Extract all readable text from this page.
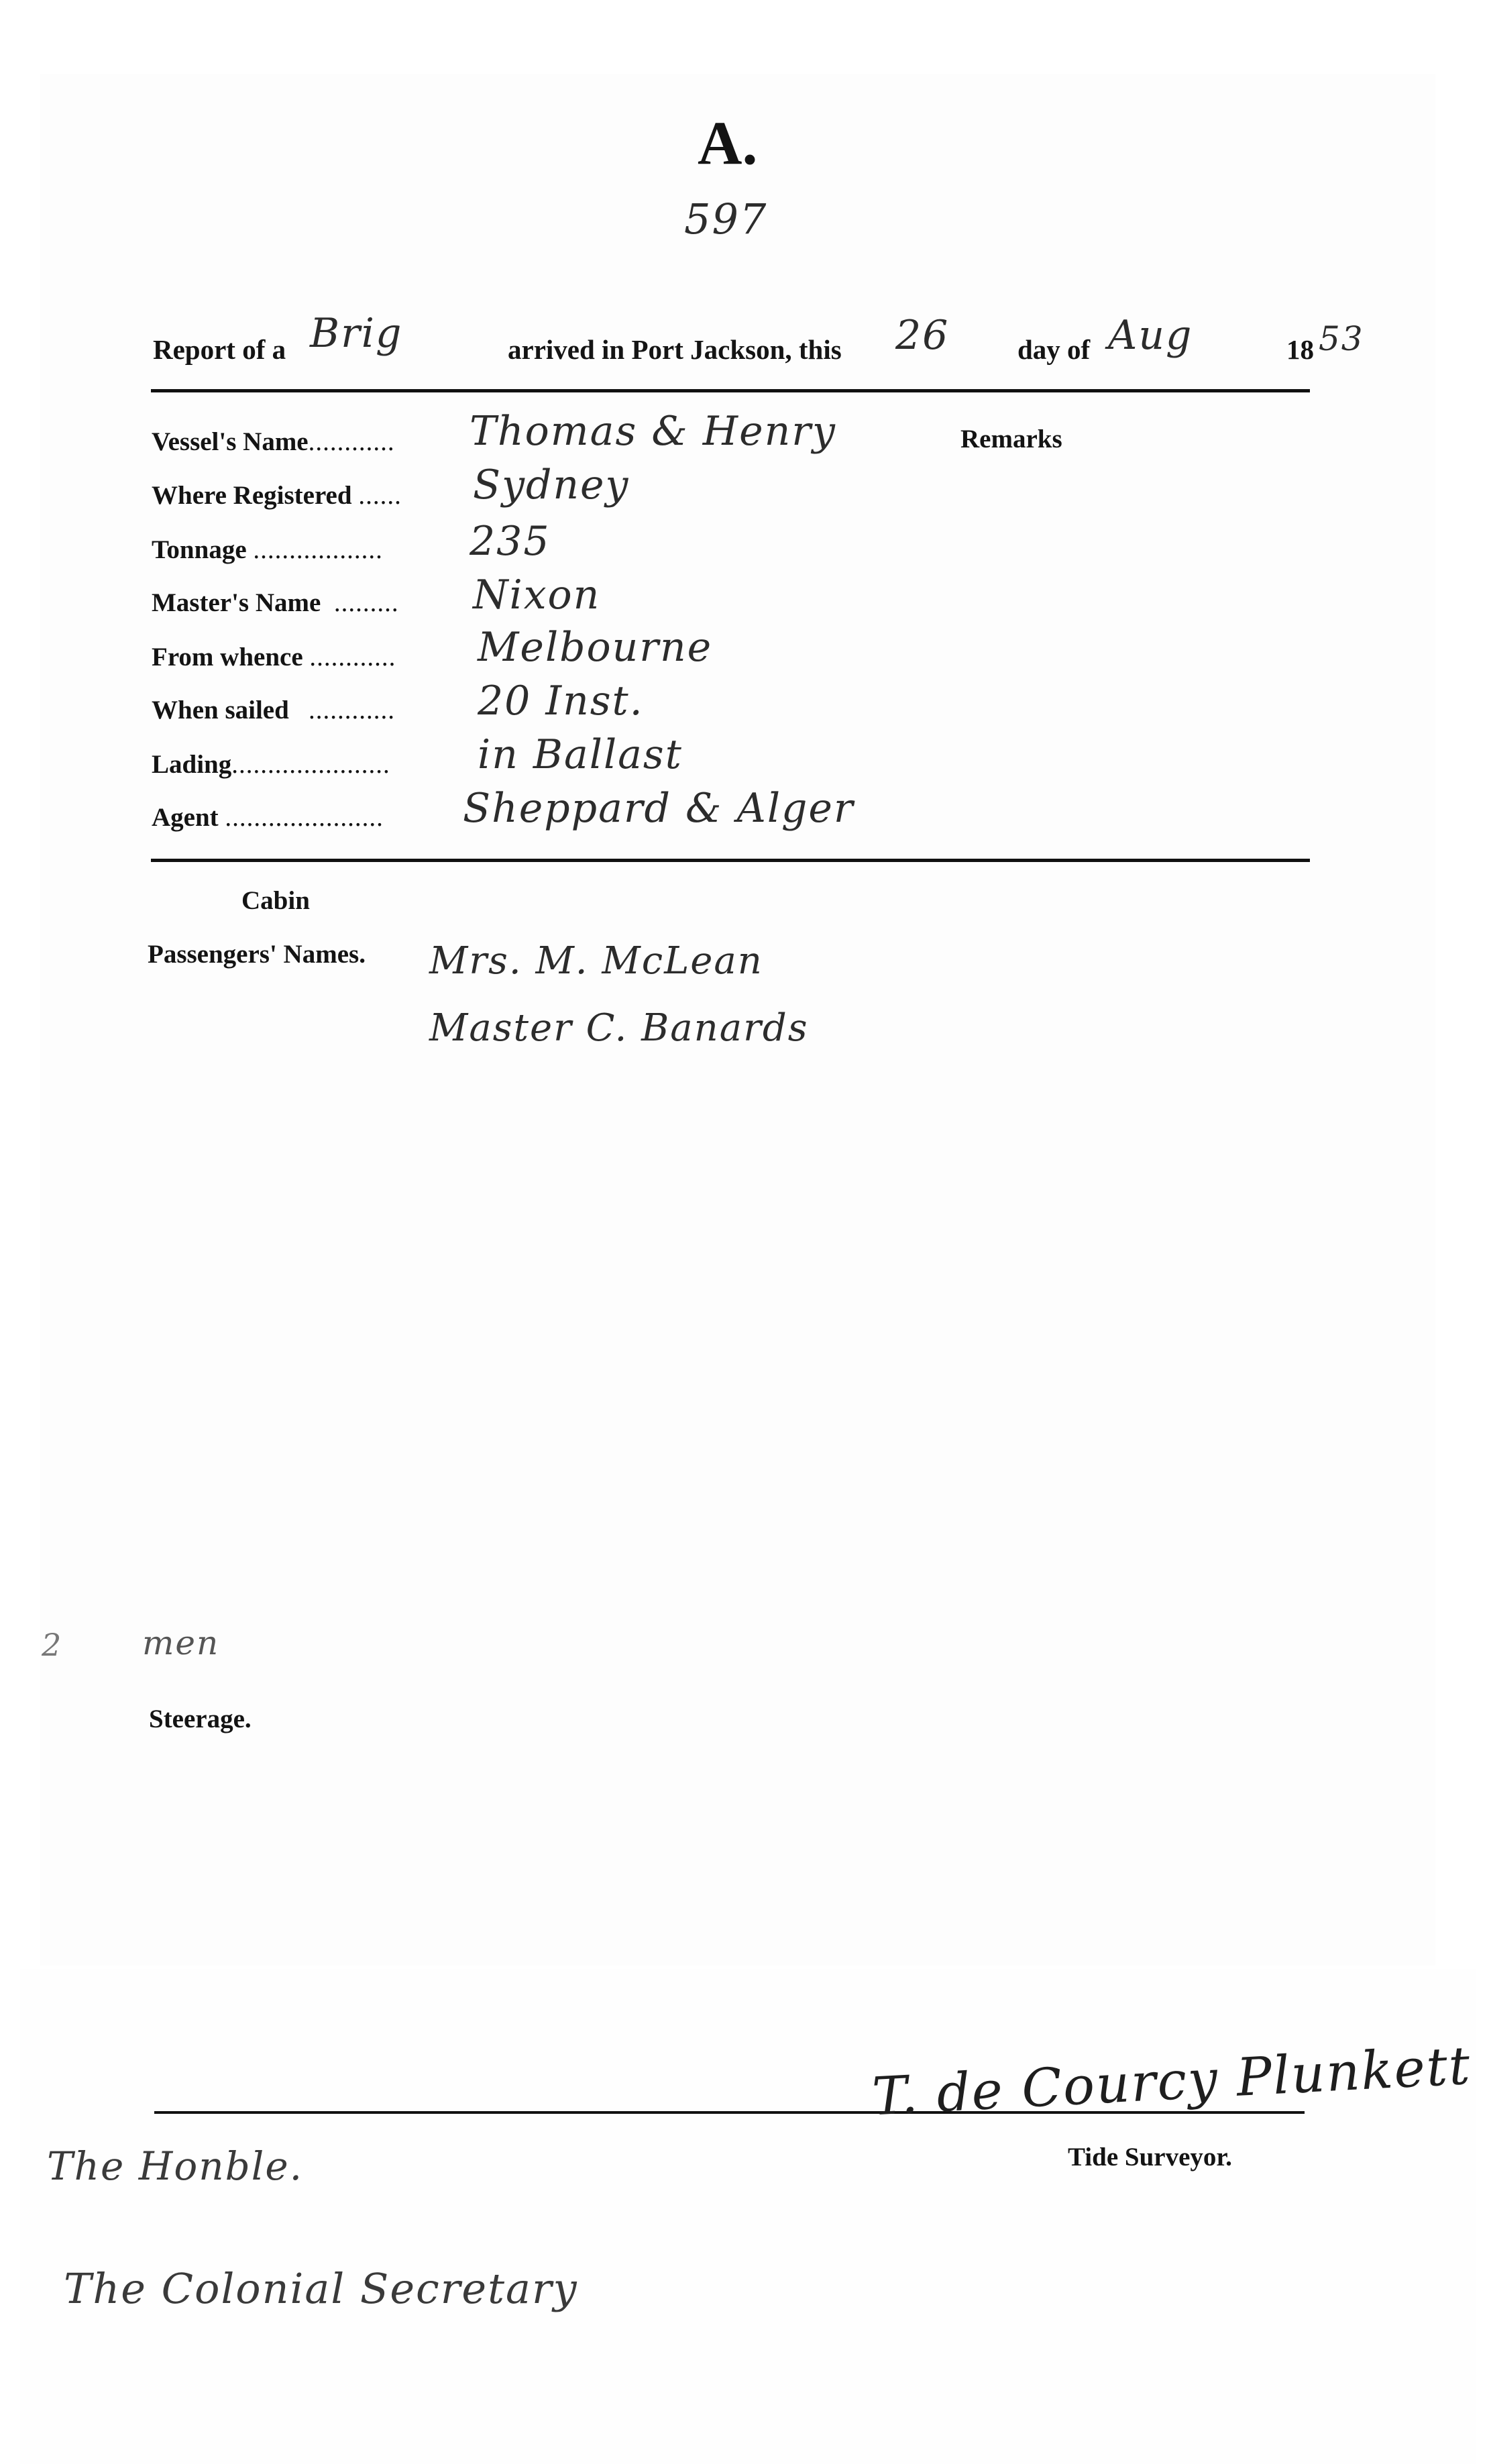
A.
597
Report of a Brig	arrived in Port Jackson, this 26 day of Aug	18 53
Remarks
Vessel's Name............ Thomas & Henry
Where Registered ...... Sydney
Tonnage .................. 235
Master's Name ......... Nixon
From whence ............ Melbourne
When sailed ............ 20 Inst.
Lading...................... in Ballast
Agent ...................... Sheppard & Alger
Cabin
Passengers' Names. Mrs. M. McLean
Master C. Banards
2 men
Steerage.
T. de Courcy Plunkett
Tide Surveyor.
The Honble.
The Colonial Secretary
